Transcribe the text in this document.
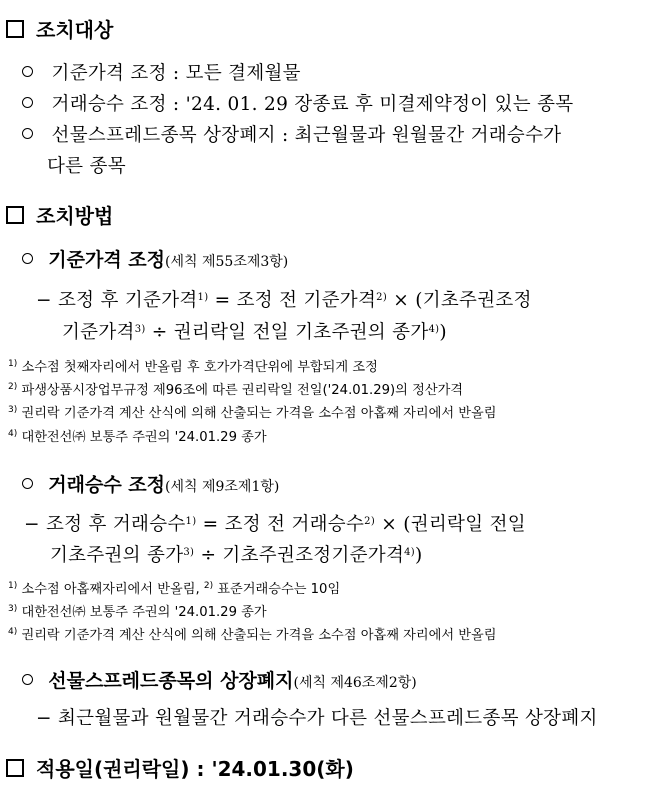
조치대상
기준가격 조정 : 모든 결제월물
거래승수 조정 : '24. 01. 29 장종료 후 미결제약정이 있는 종목
선물스프레드종목 상장폐지 : 최근월물과 원월물간 거래승수가
다른 종목
조치방법
기준가격 조정(세칙 제55조제3항)
− 조정 후 기준가격$^{1)}$ = 조정 전 기준가격$^{2)}$ × (기초주권조정
기준가격$^{3)}$ ÷ 권리락일 전일 기초주권의 종가$^{4)}$)
$^{1)}$ 소수점 첫째자리에서 반올림 후 호가가격단위에 부합되게 조정
$^{2)}$ 파생상품시장업무규정 제96조에 따른 권리락일 전일('24.01.29)의 정산가격
$^{3)}$ 권리락 기준가격 계산 산식에 의해 산출되는 가격을 소수점 아홉째 자리에서 반올림
$^{4)}$ 대한전선㈜ 보통주 주권의 '24.01.29 종가
거래승수 조정(세칙 제9조제1항)
− 조정 후 거래승수$^{1)}$ = 조정 전 거래승수$^{2)}$ × (권리락일 전일
기초주권의 종가$^{3)}$ ÷ 기초주권조정기준가격$^{4)}$)
$^{1)}$ 소수점 아홉째자리에서 반올림, $^{2)}$ 표준거래승수는 10임
$^{3)}$ 대한전선㈜ 보통주 주권의 '24.01.29 종가
$^{4)}$ 권리락 기준가격 계산 산식에 의해 산출되는 가격을 소수점 아홉째 자리에서 반올림
선물스프레드종목의 상장폐지(세칙 제46조제2항)
− 최근월물과 원월물간 거래승수가 다른 선물스프레드종목 상장폐지
적용일(권리락일) : '24.01.30(화)
